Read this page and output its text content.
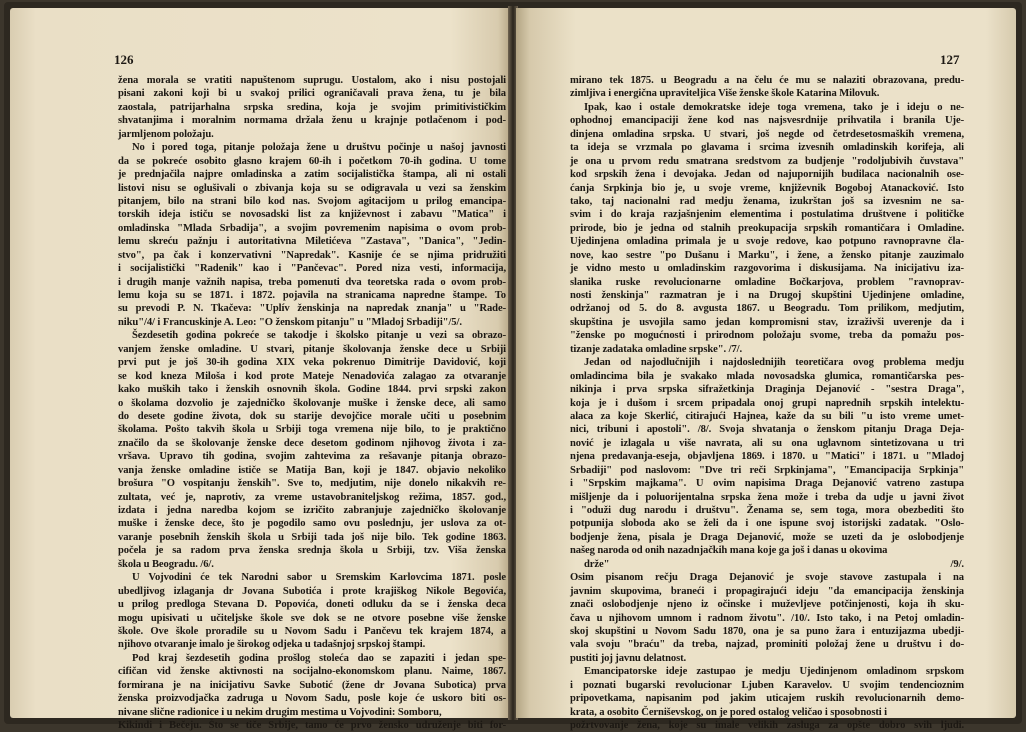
126
žena morala se vratiti napuštenom suprugu. Uostalom, ako i nisu postojali
pisani zakoni koji bi u svakoj prilici ograničavali prava žena, tu je bila
zaostala, patrijarhalna srpska sredina, koja je svojim primitivističkim
shvatanjima i moralnim normama držala ženu u krajnje potlačenom i pod-
jarmljenom položaju.
No i pored toga, pitanje položaja žene u društvu počinje u našoj javnosti
da se pokreće osobito glasno krajem 60-ih i početkom 70-ih godina. U tome
je prednjačila najpre omladinska a zatim socijalistička štampa, ali ni ostali
listovi nisu se oglušivali o zbivanja koja su se odigravala u vezi sa ženskim
pitanjem, bilo na strani bilo kod nas. Svojom agitacijom u prilog emancipa-
torskih ideja ističu se novosadski list za književnost i zabavu "Matica" i
omladinska "Mlada Srbadija", a svojim povremenim napisima o ovom prob-
lemu skreću pažnju i autoritativna Miletićeva "Zastava", "Danica", "Jedin-
stvo", pa čak i konzervativni "Napredak". Kasnije će se njima pridružiti
i socijalistički "Radenik" kao i "Pančevac". Pored niza vesti, informacija,
i drugih manje važnih napisa, treba pomenuti dva teoretska rada o ovom prob-
lemu koja su se 1871. i 1872. pojavila na stranicama napredne štampe. To
su prevodi P. N. Tkačeva: "Uplív ženskinja na napredak znanja" u "Rade-
niku"/4/ i Francuskinje A. Leo: "O ženskom pitanju" u "Mladoj Srbadiji"/5/.
Šezdesetih godina pokreće se takodje i školsko pitanje u vezi sa obrazo-
vanjem ženske omladine. U stvari, pitanje školovanja ženske dece u Srbiji
prvi put je još 30-ih godina XIX veka pokrenuo Dimitrije Davidović, koji
se kod kneza Miloša i kod prote Mateje Nenadovića zalagao za otvaranje
kako muških tako i ženskih osnovnih škola. Godine 1844. prvi srpski zakon
o školama dozvolio je zajedničko školovanje muške i ženske dece, ali samo
do desete godine života, dok su starije devojčice morale učiti u posebnim
školama. Pošto takvih škola u Srbiji toga vremena nije bilo, to je praktično
značilo da se školovanje ženske dece desetom godinom njihovog života i za-
vršava. Upravo tih godina, svojim zahtevima za rešavanje pitanja obrazo-
vanja ženske omladine ističe se Matija Ban, koji je 1847. objavio nekoliko
brošura "O vospitanju ženskih". Sve to, medjutim, nije donelo nikakvih re-
zultata, već je, naprotiv, za vreme ustavobraniteljskog režima, 1857. god.,
izdata i jedna naredba kojom se izričito zabranjuje zajedničko školovanje
muške i ženske dece, što je pogodilo samo ovu poslednju, jer uslova za ot-
varanje posebnih ženskih škola u Srbiji tada još nije bilo. Tek godine 1863.
počela je sa radom prva ženska srednja škola u Srbiji, tzv. Viša ženska
škola u Beogradu. /6/.
U Vojvodini će tek Narodni sabor u Sremskim Karlovcima 1871. posle
ubedljivog izlaganja dr Jovana Subotića i prote krajiškog Nikole Begovića,
u prilog predloga Stevana D. Popovića, doneti odluku da se i ženska deca
mogu upisivati u učiteljske škole sve dok se ne otvore posebne više ženske
škole. Ove škole proradile su u Novom Sadu i Pančevu tek krajem 1874, a
njihovo otvaranje imalo je širokog odjeka u tadašnjoj srpskoj štampi.
Pod kraj šezdesetih godina prošlog stoleća dao se zapaziti i jedan spe-
cifičan vid ženske aktivnosti na socijalno-ekonomskom planu. Naime, 1867.
formirana je na inicijativu Savke Subotić (žene dr Jovana Subotica) prva
ženska proizvodjačka zadruga u Novom Sadu, posle koje će uskoro biti os-
nivane slične radionice i u nekim drugim mestima u Vojvodini: Somboru,
Kikindi i Bečeju. Što se tiče Srbije, tamo će prvo žensko udruženje biti for-
127
mirano tek 1875. u Beogradu a na čelu će mu se nalaziti obrazovana, predu-
zimljiva i energična upraviteljica Više ženske škole Katarina Milovuk.
Ipak, kao i ostale demokratske ideje toga vremena, tako je i ideju o ne-
ophodnoj emancipaciji žene kod nas najsvesrdnije prihvatila i branila Uje-
dinjena omladina srpska. U stvari, još negde od četrdesetosmaških vremena,
ta ideja se vrzmala po glavama i srcima izvesnih omladinskih korifeja, ali
je ona u prvom redu smatrana sredstvom za budjenje "rodoljubivih čuvstava"
kod srpskih žena i devojaka. Jedan od najupornijih budilaca nacionalnih ose-
ćanja Srpkinja bio je, u svoje vreme, književnik Bogoboj Atanacković. Isto
tako, taj nacionalni rad medju ženama, izukrštan još sa izvesnim ne sa-
svim i do kraja razjašnjenim elementima i postulatima društvene i političke
prirode, bio je jedna od stalnih preokupacija srpskih romantičara i Omladine.
Ujedinjena omladina primala je u svoje redove, kao potpuno ravnopravne čla-
nove, kao sestre "po Dušanu i Marku", i žene, a žensko pitanje zauzimalo
je vidno mesto u omladinskim razgovorima i diskusijama. Na inicijativu iza-
slanika ruske revolucionarne omladine Bočkarjova, problem "ravnoprav-
nosti ženskinja" razmatran je i na Drugoj skupštini Ujedinjene omladine,
održanoj od 5. do 8. avgusta 1867. u Beogradu. Tom prilikom, medjutim,
skupština je usvojila samo jedan kompromisni stav, izraživši uverenje da i
"ženske po mogućnosti i prirodnom položaju svome, treba da pomažu pos-
tizanje zadataka omladine srpske". /7/.
Jedan od najodlučnijih i najdoslednijih teoretičara ovog problema medju
omladincima bila je svakako mlada novosadska glumica, romantičarska pes-
nikinja i prva srpska sifražetkinja Draginja Dejanović - "sestra Draga",
koja je i dušom i srcem pripadala onoj grupi naprednih srpskih intelektu-
alaca za koje Skerlić, citirajući Hajnea, kaže da su bili "u isto vreme umet-
nici, tribuni i apostoli". /8/. Svoja shvatanja o ženskom pitanju Draga Deja-
nović je izlagala u više navrata, ali su ona uglavnom sintetizovana u tri
njena predavanja-eseja, objavljena 1869. i 1870. u "Matici" i 1871. u "Mladoj
Srbadiji" pod naslovom: "Dve tri reči Srpkinjama", "Emancipacija Srpkinja"
i "Srpskim majkama". U ovim napisima Draga Dejanović vatreno zastupa
mišljenje da i poluorijentalna srpska žena može i treba da udje u javni život
i "oduži dug narodu i društvu". Ženama se, sem toga, mora obezbediti što
potpunija sloboda ako se želi da i one ispune svoj istorijski zadatak. "Oslo-
bodjenje žena, pisala je Draga Dejanović, može se uzeti da je oslobodjenje
našeg naroda od onih nazadnjačkih mana koje ga još i danas u okovima
drže" /9/.
Osim pisanom rečju Draga Dejanović je svoje stavove zastupala i na
javnim skupovima, braneći i propagirajući ideju "da emancipacija ženskinja
znači oslobodjenje njeno iz očinske i muževljeve potčinjenosti, koja ih sku-
čava u njihovom umnom i radnom životu". /10/. Isto tako, i na Petoj omladin-
skoj skupštini u Novom Sadu 1870, ona je sa puno žara i entuzijazma ubedji-
vala svoju "braću" da treba, najzad, prominiti položaj žene u društvu i do-
pustiti joj javnu delatnost.
Emancipatorske ideje zastupao je medju Ujedinjenom omladinom srpskom
i poznati bugarski revolucionar Ljuben Karavelov. U svojim tendencioznim
pripovetkama, napisanim pod jakim uticajem ruskih revolucionarnih demo-
krata, a osobito Černiševskog, on je pored ostalog veličao i sposobnosti i
požrtvovanje žena, koje su imale velikih zasluga za opšte dobro svih ljudi.
